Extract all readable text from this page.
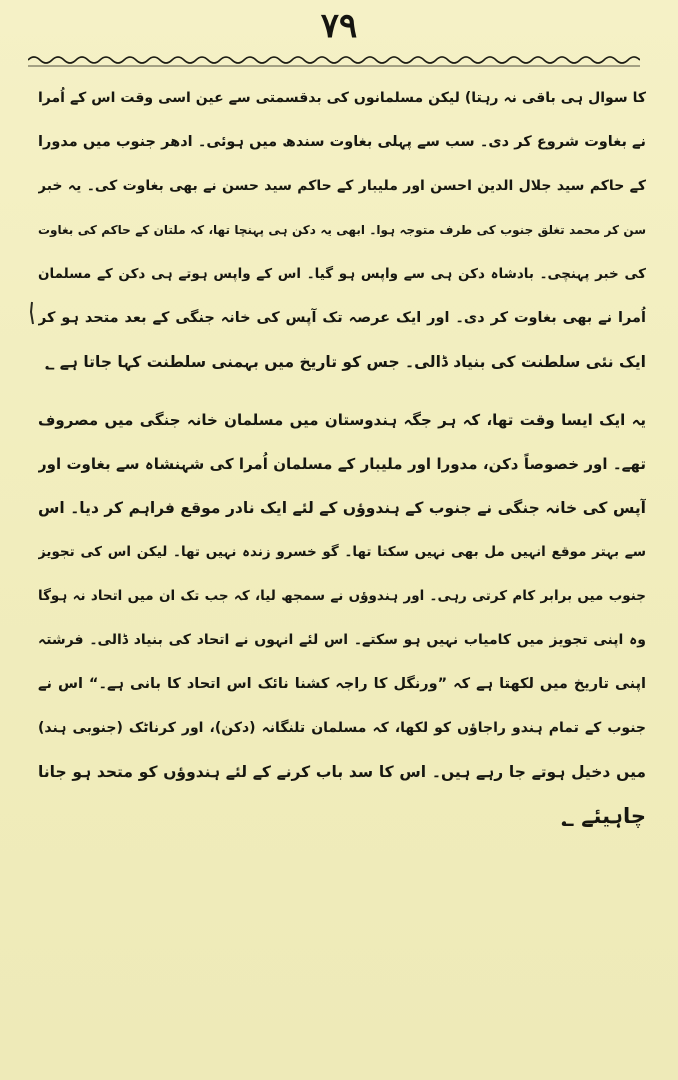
۷۹
کا سوال ہی باقی نہ رہتا) لیکن مسلمانوں کی بدقسمتی سے عین اسی وقت اس کے اُمرا
نے بغاوت شروع کر دی۔ سب سے پہلی بغاوت سندھ میں ہوئی۔ ادھر جنوب میں مدورا
کے حاکم سید جلال الدین احسن اور ملیبار کے حاکم سید حسن نے بھی بغاوت کی۔ یہ خبر
سن کر محمد تغلق جنوب کی طرف متوجہ ہوا۔ ابھی یہ دکن ہی پہنچا تھا، کہ ملتان کے حاکم کی بغاوت
کی خبر پہنچی۔ بادشاہ دکن ہی سے واپس ہو گیا۔ اس کے واپس ہوتے ہی دکن کے مسلمان
اُمرا نے بھی بغاوت کر دی۔ اور ایک عرصہ تک آپس کی خانہ جنگی کے بعد متحد ہو کر
ایک نئی سلطنت کی بنیاد ڈالی۔ جس کو تاریخ میں بہمنی سلطنت کہا جاتا ہے ؂
یہ ایک ایسا وقت تھا، کہ ہر جگہ ہندوستان میں مسلمان خانہ جنگی میں مصروف
تھے۔ اور خصوصاً دکن، مدورا اور ملیبار کے مسلمان اُمرا کی شہنشاہ سے بغاوت اور
آپس کی خانہ جنگی نے جنوب کے ہندوؤں کے لئے ایک نادر موقع فراہم کر دیا۔ اس
سے بہتر موقع انہیں مل بھی نہیں سکتا تھا۔ گو خسرو زندہ نہیں تھا۔ لیکن اس کی تجویز
جنوب میں برابر کام کرتی رہی۔ اور ہندوؤں نے سمجھ لیا، کہ جب تک ان میں اتحاد نہ ہوگا
وہ اپنی تجویز میں کامیاب نہیں ہو سکتے۔ اس لئے انہوں نے اتحاد کی بنیاد ڈالی۔ فرشتہ
اپنی تاریخ میں لکھتا ہے کہ ”ورنگل کا راجہ کشنا نائک اس اتحاد کا بانی ہے۔“ اس نے
جنوب کے تمام ہندو راجاؤں کو لکھا، کہ مسلمان تلنگانہ (دکن)، اور کرناٹک (جنوبی ہند)
میں دخیل ہوتے جا رہے ہیں۔ اس کا سد باب کرنے کے لئے ہندوؤں کو متحد ہو جانا
چاہیئے ؂
